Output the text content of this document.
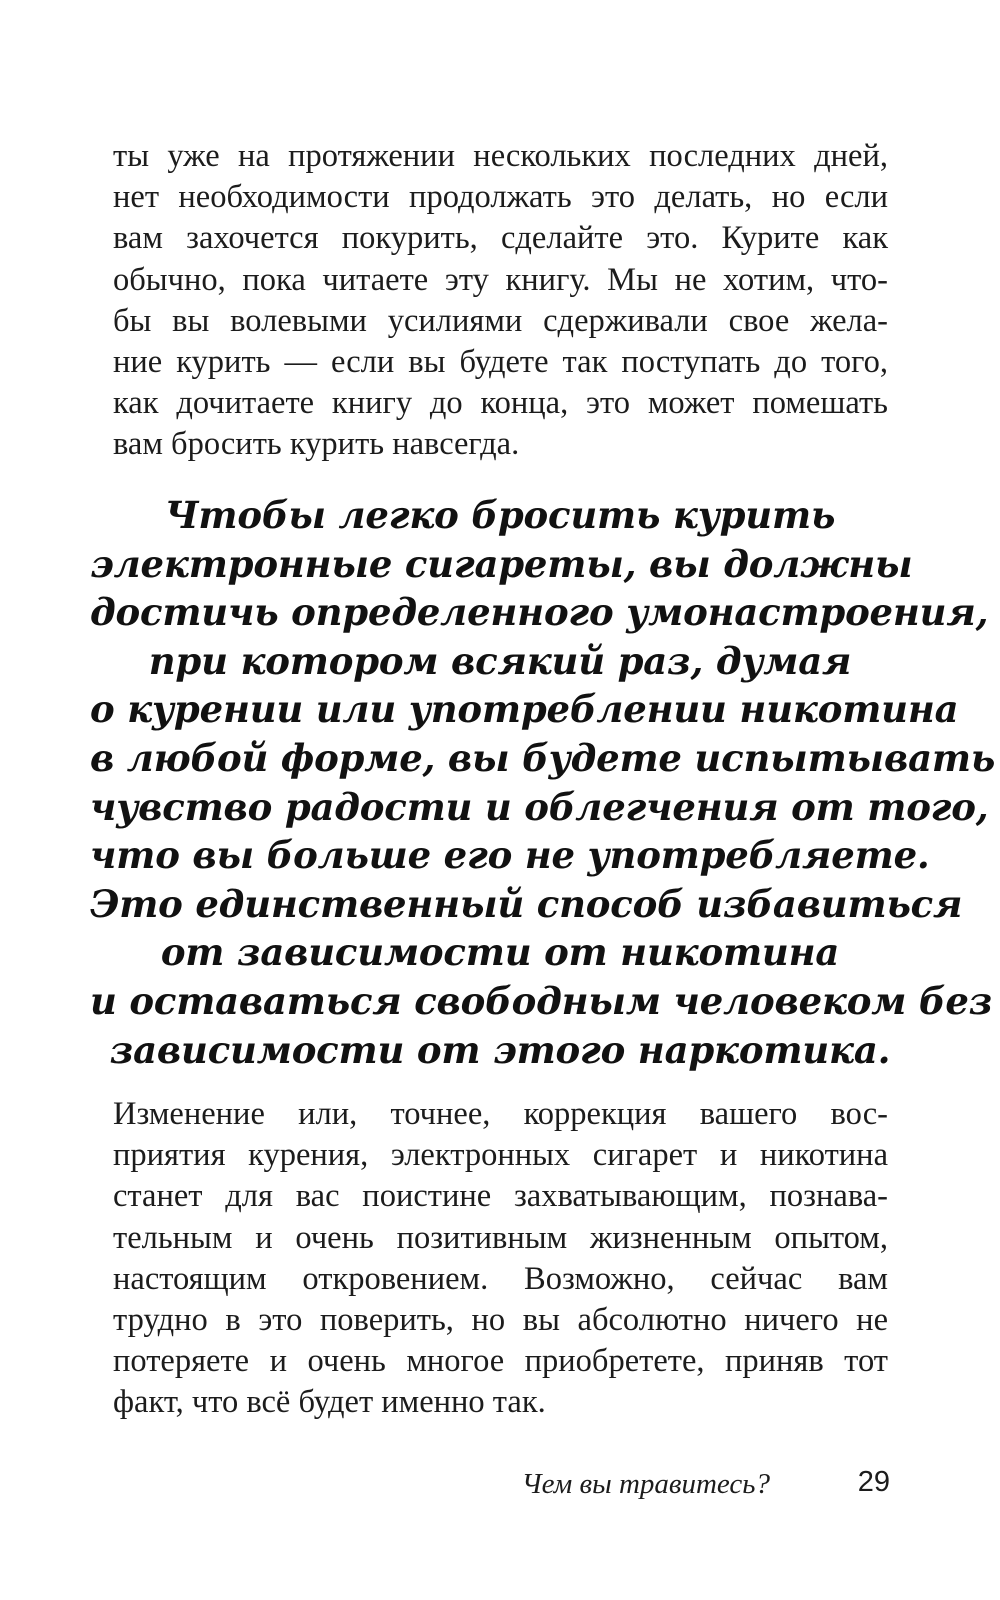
ты уже на протяжении нескольких последних дней,
нет необходимости продолжать это делать, но если
вам захочется покурить, сделайте это. Курите как
обычно, пока читаете эту книгу. Мы не хотим, что-
бы вы волевыми усилиями сдерживали свое жела-
ние курить — если вы будете так поступать до того,
как дочитаете книгу до конца, это может помешать
вам бросить курить навсегда.

Чтобы легко бросить курить
электронные сигареты, вы должны
достичь определенного умонастроения,
при котором всякий раз, думая
о курении или употреблении никотина
в любой форме, вы будете испытывать
чувство радости и облегчения от того,
что вы больше его не употребляете.
Это единственный способ избавиться
от зависимости от никотина
и оставаться свободным человеком без
зависимости от этого наркотика.

Изменение или, точнее, коррекция вашего вос-
приятия курения, электронных сигарет и никотина
станет для вас поистине захватывающим, познава-
тельным и очень позитивным жизненным опытом,
настоящим откровением. Возможно, сейчас вам
трудно в это поверить, но вы абсолютно ничего не
потеряете и очень многое приобретете, приняв тот
факт, что всё будет именно так.

Чем вы травитесь?	29
